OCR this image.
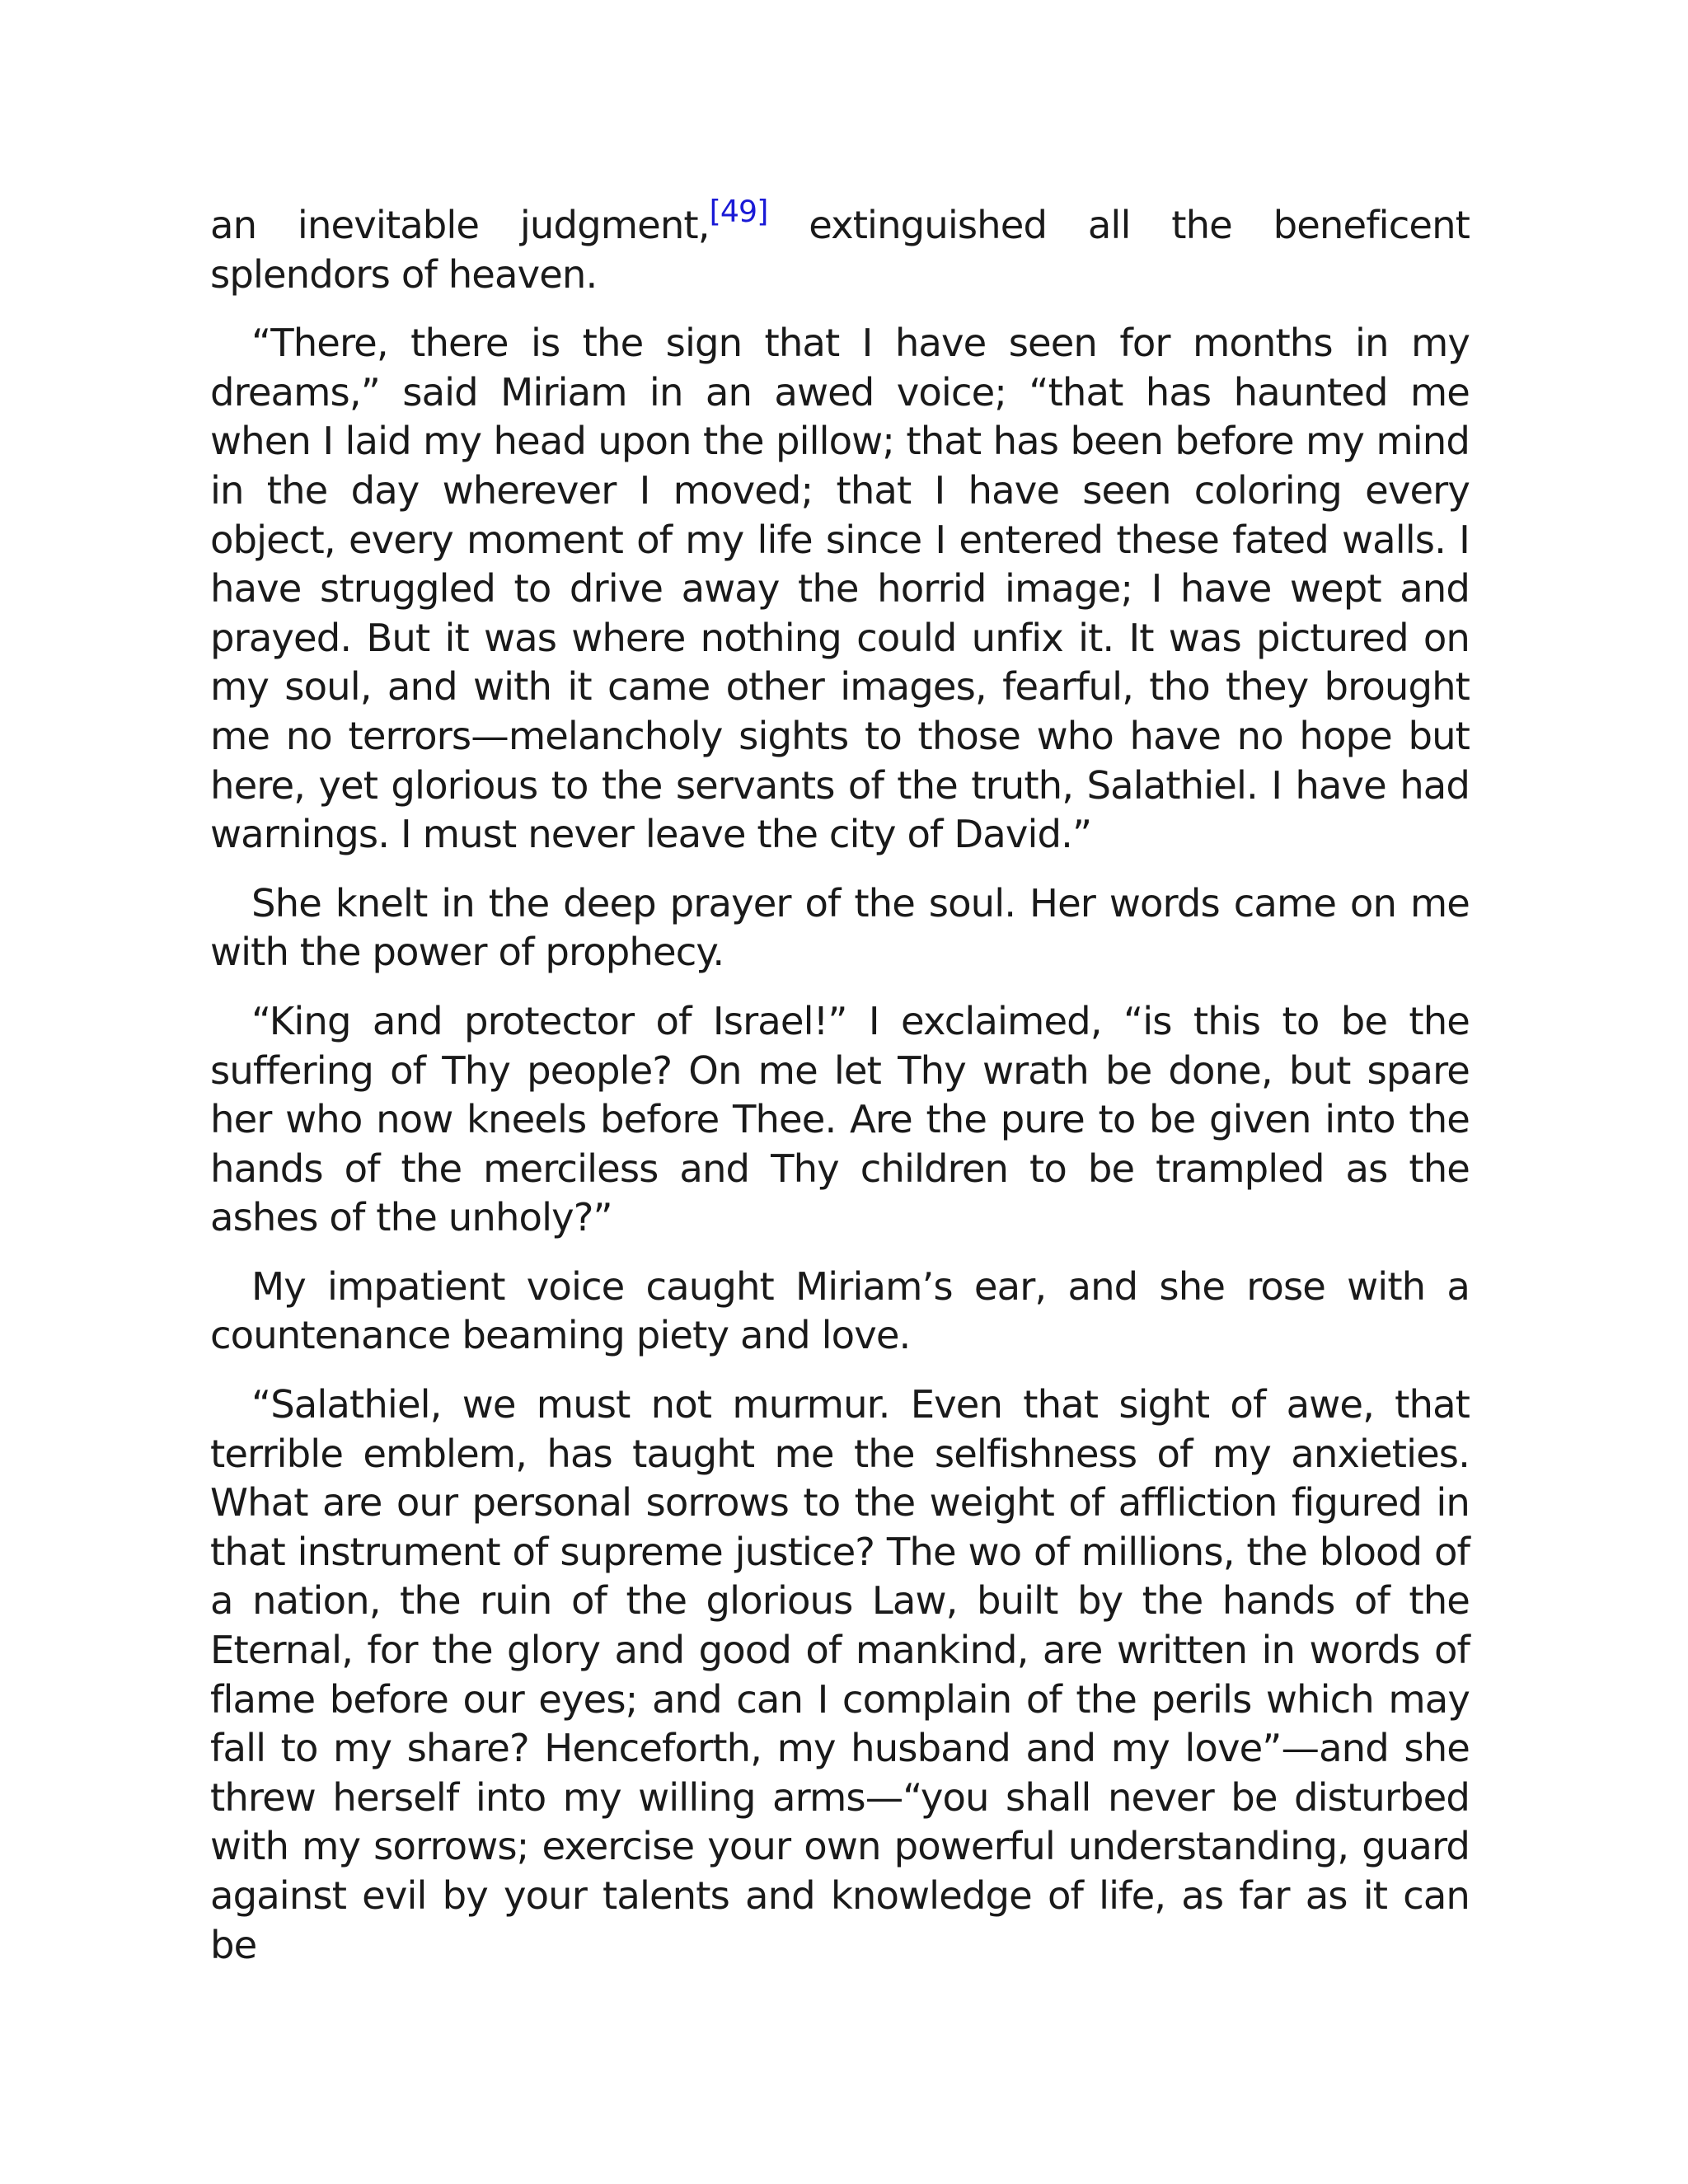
an inevitable judgment,[49] extinguished all the beneficent splendors of heaven.

“There, there is the sign that I have seen for months in my dreams,” said Miriam in an awed voice; “that has haunted me when I laid my head upon the pillow; that has been before my mind in the day wherever I moved; that I have seen coloring every object, every moment of my life since I entered these fated walls. I have struggled to drive away the horrid image; I have wept and prayed. But it was where nothing could unfix it. It was pictured on my soul, and with it came other images, fearful, tho they brought me no terrors—melancholy sights to those who have no hope but here, yet glorious to the servants of the truth, Salathiel. I have had warnings. I must never leave the city of David.”

She knelt in the deep prayer of the soul. Her words came on me with the power of prophecy.

“King and protector of Israel!” I exclaimed, “is this to be the suffering of Thy people? On me let Thy wrath be done, but spare her who now kneels before Thee. Are the pure to be given into the hands of the merciless and Thy children to be trampled as the ashes of the unholy?”

My impatient voice caught Miriam’s ear, and she rose with a countenance beaming piety and love.

“Salathiel, we must not murmur. Even that sight of awe, that terrible emblem, has taught me the selfishness of my anxieties. What are our personal sorrows to the weight of affliction figured in that instrument of supreme justice? The wo of millions, the blood of a nation, the ruin of the glorious Law, built by the hands of the Eternal, for the glory and good of mankind, are written in words of flame before our eyes; and can I complain of the perils which may fall to my share? Henceforth, my husband and my love”—and she threw herself into my willing arms—“you shall never be disturbed with my sorrows; exercise your own powerful understanding, guard against evil by your talents and knowledge of life, as far as it can be
